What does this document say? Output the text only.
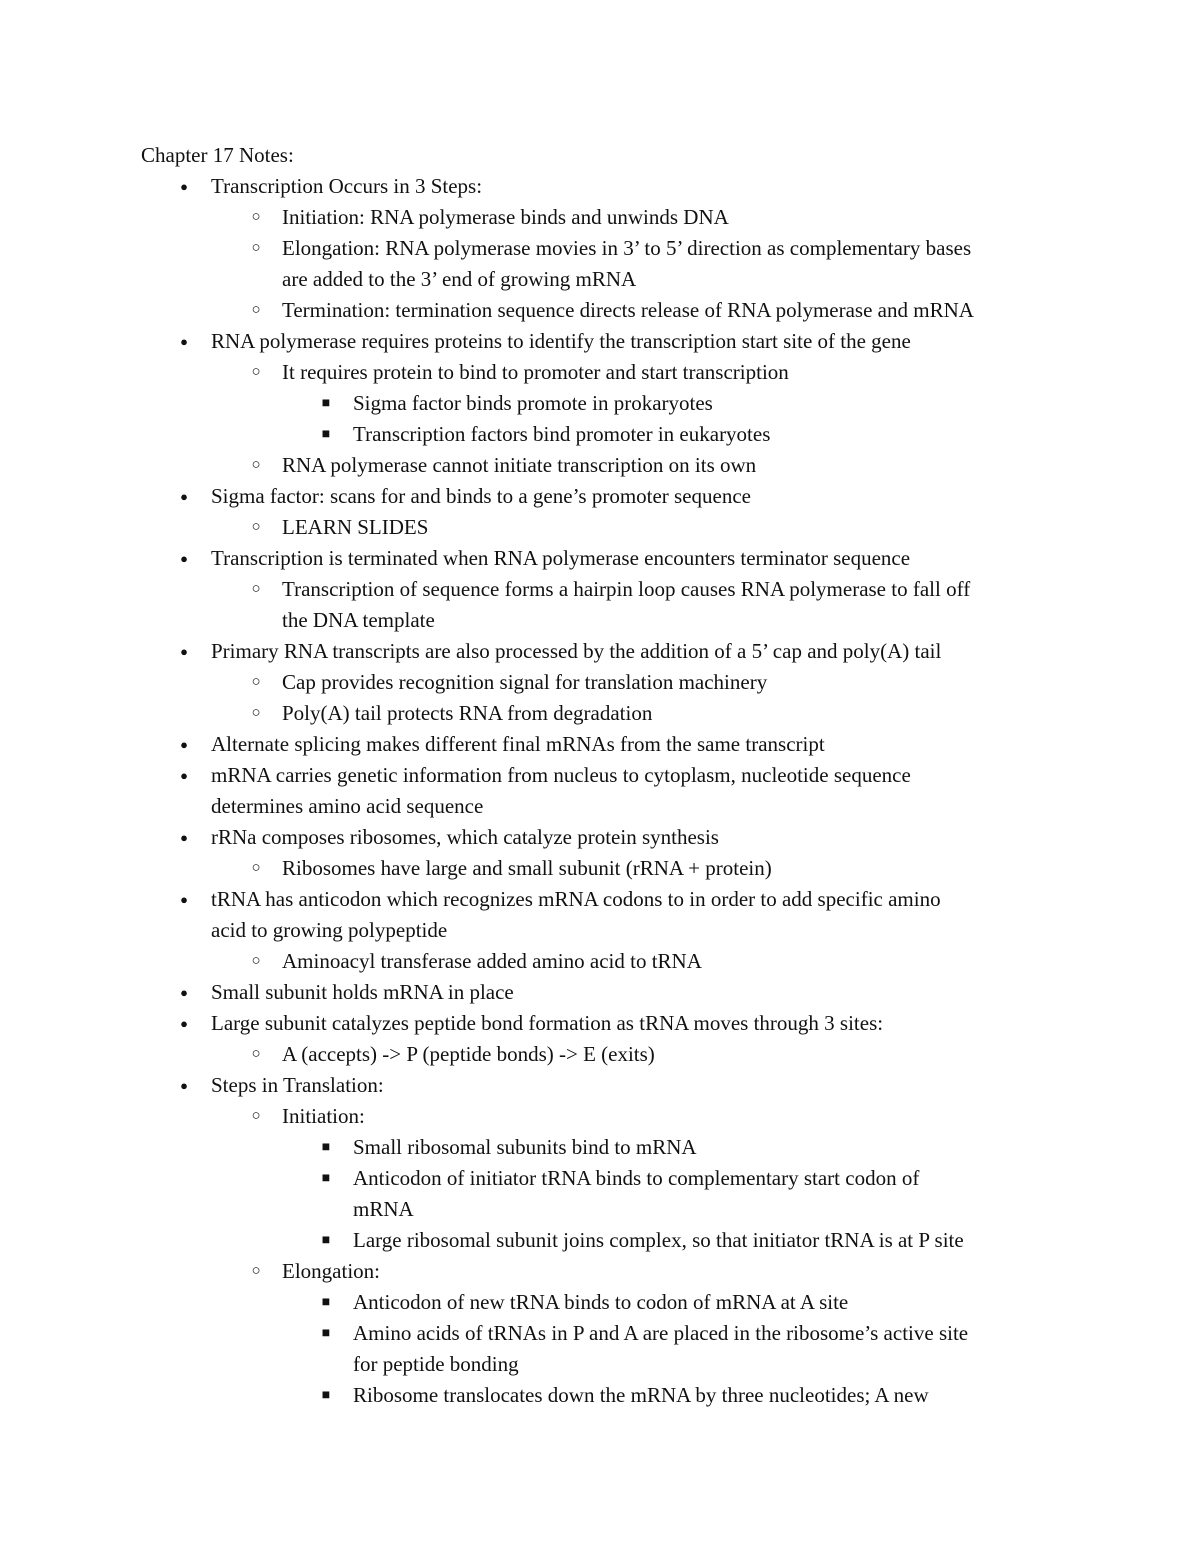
Chapter 17 Notes:
● Transcription Occurs in 3 Steps:
○ Initiation: RNA polymerase binds and unwinds DNA
○ Elongation: RNA polymerase movies in 3’ to 5’ direction as complementary bases
are added to the 3’ end of growing mRNA
○ Termination: termination sequence directs release of RNA polymerase and mRNA
● RNA polymerase requires proteins to identify the transcription start site of the gene
○ It requires protein to bind to promoter and start transcription
■ Sigma factor binds promote in prokaryotes
■ Transcription factors bind promoter in eukaryotes
○ RNA polymerase cannot initiate transcription on its own
● Sigma factor: scans for and binds to a gene’s promoter sequence
○ LEARN SLIDES
● Transcription is terminated when RNA polymerase encounters terminator sequence
○ Transcription of sequence forms a hairpin loop causes RNA polymerase to fall off
the DNA template
● Primary RNA transcripts are also processed by the addition of a 5’ cap and poly(A) tail
○ Cap provides recognition signal for translation machinery
○ Poly(A) tail protects RNA from degradation
● Alternate splicing makes different final mRNAs from the same transcript
● mRNA carries genetic information from nucleus to cytoplasm, nucleotide sequence
determines amino acid sequence
● rRNa composes ribosomes, which catalyze protein synthesis
○ Ribosomes have large and small subunit (rRNA + protein)
● tRNA has anticodon which recognizes mRNA codons to in order to add specific amino
acid to growing polypeptide
○ Aminoacyl transferase added amino acid to tRNA
● Small subunit holds mRNA in place
● Large subunit catalyzes peptide bond formation as tRNA moves through 3 sites:
○ A (accepts) -> P (peptide bonds) -> E (exits)
● Steps in Translation:
○ Initiation:
■ Small ribosomal subunits bind to mRNA
■ Anticodon of initiator tRNA binds to complementary start codon of
mRNA
■ Large ribosomal subunit joins complex, so that initiator tRNA is at P site
○ Elongation:
■ Anticodon of new tRNA binds to codon of mRNA at A site
■ Amino acids of tRNAs in P and A are placed in the ribosome’s active site
for peptide bonding
■ Ribosome translocates down the mRNA by three nucleotides; A new
